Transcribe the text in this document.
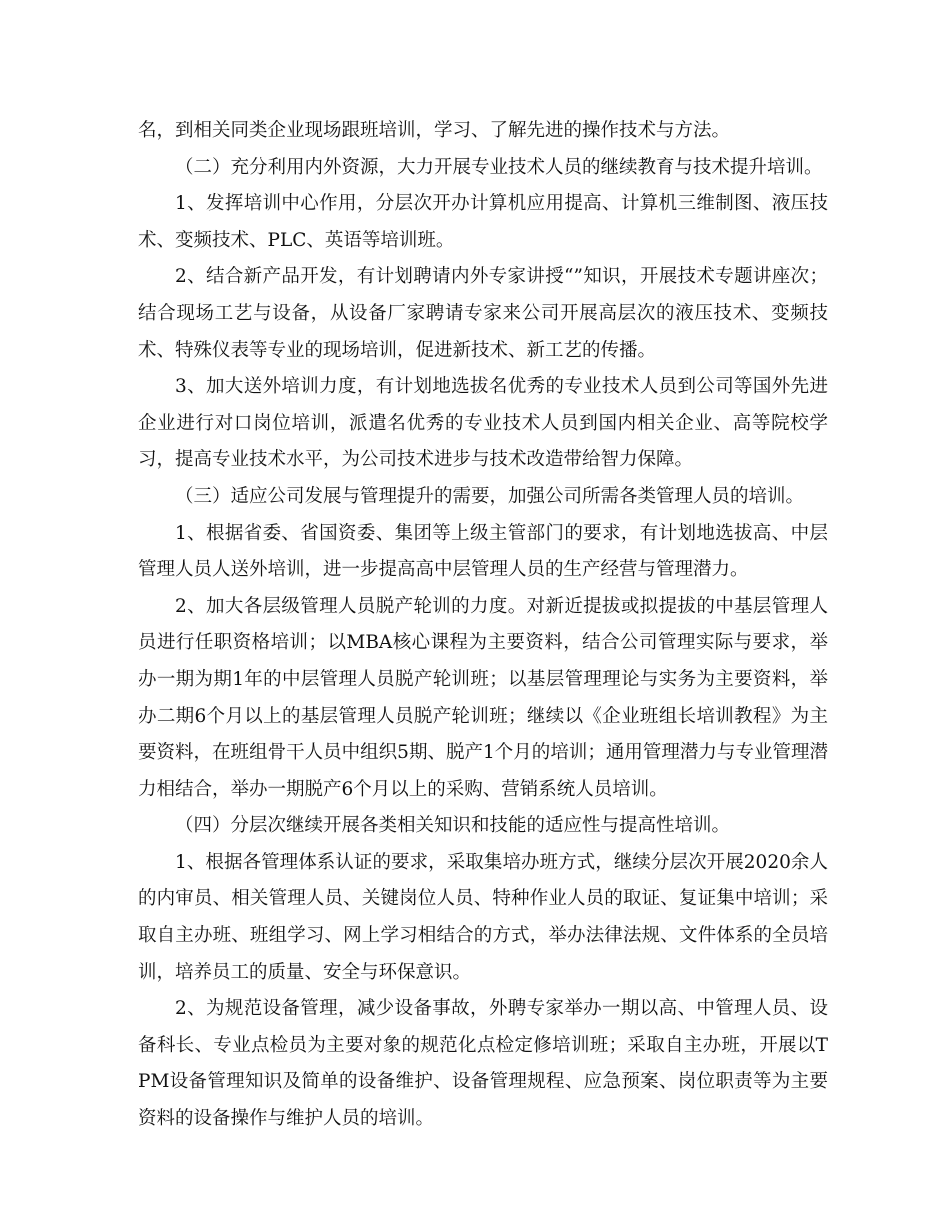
名，到相关同类企业现场跟班培训，学习、了解先进的操作技术与方法。

（二）充分利用内外资源，大力开展专业技术人员的继续教育与技术提升培训。

1、发挥培训中心作用，分层次开办计算机应用提高、计算机三维制图、液压技术、变频技术、PLC、英语等培训班。

2、结合新产品开发，有计划聘请内外专家讲授“”知识，开展技术专题讲座次；结合现场工艺与设备，从设备厂家聘请专家来公司开展高层次的液压技术、变频技术、特殊仪表等专业的现场培训，促进新技术、新工艺的传播。

3、加大送外培训力度，有计划地选拔名优秀的专业技术人员到公司等国外先进企业进行对口岗位培训，派遣名优秀的专业技术人员到国内相关企业、高等院校学习，提高专业技术水平，为公司技术进步与技术改造带给智力保障。

（三）适应公司发展与管理提升的需要，加强公司所需各类管理人员的培训。

1、根据省委、省国资委、集团等上级主管部门的要求，有计划地选拔高、中层管理人员人送外培训，进一步提高高中层管理人员的生产经营与管理潜力。

2、加大各层级管理人员脱产轮训的力度。对新近提拔或拟提拔的中基层管理人员进行任职资格培训；以MBA核心课程为主要资料，结合公司管理实际与要求，举办一期为期1年的中层管理人员脱产轮训班；以基层管理理论与实务为主要资料，举办二期6个月以上的基层管理人员脱产轮训班；继续以《企业班组长培训教程》为主要资料，在班组骨干人员中组织5期、脱产1个月的培训；通用管理潜力与专业管理潜力相结合，举办一期脱产6个月以上的采购、营销系统人员培训。

（四）分层次继续开展各类相关知识和技能的适应性与提高性培训。

1、根据各管理体系认证的要求，采取集培办班方式，继续分层次开展2020余人的内审员、相关管理人员、关键岗位人员、特种作业人员的取证、复证集中培训；采取自主办班、班组学习、网上学习相结合的方式，举办法律法规、文件体系的全员培训，培养员工的质量、安全与环保意识。

2、为规范设备管理，减少设备事故，外聘专家举办一期以高、中管理人员、设备科长、专业点检员为主要对象的规范化点检定修培训班；采取自主办班，开展以TPM设备管理知识及简单的设备维护、设备管理规程、应急预案、岗位职责等为主要资料的设备操作与维护人员的培训。
